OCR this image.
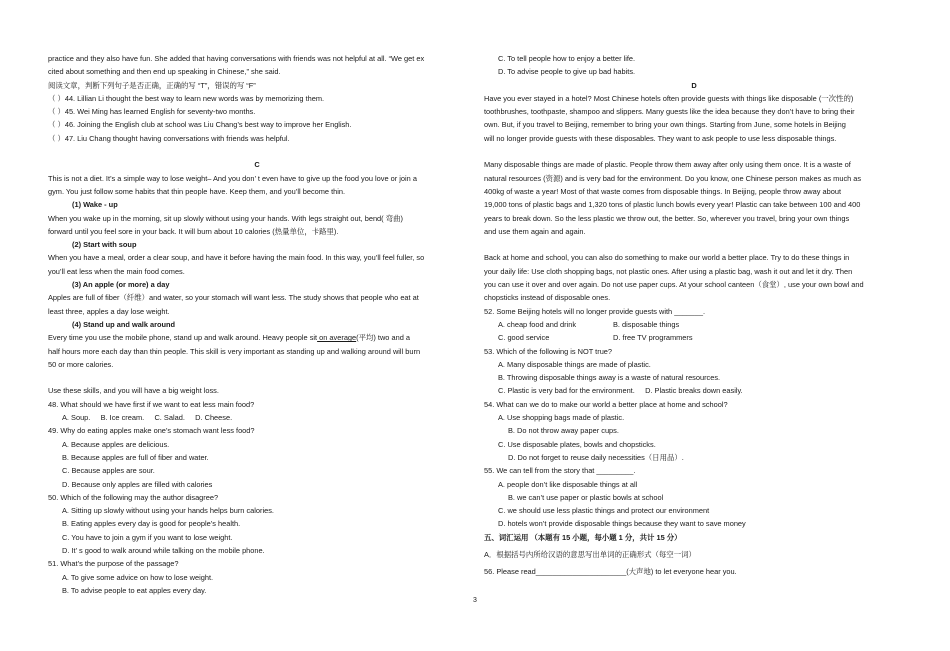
practice and they also have fun. She added that having conversations with friends was not helpful at all. “We get ex

cited about something and then end up speaking in Chinese,” she said.

阅读文章，判断下列句子是否正确，正确的写 “T”，错误的写 “F”

（ ）44. Lillian Li thought the best way to learn new words was by memorizing them.

（ ）45. Wei Ming has learned English for seventy-two months.

（ ）46. Joining the English club at school was Liu Chang’s best way to improve her English.

（ ）47. Liu Chang thought having conversations with friends was helpful.

C

This is not a diet. It’s a simple way to lose weight– And you don’ t even have to give up the food you love or join a

gym. You just follow some habits that thin people have. Keep them, and you’ll become thin.

(1) Wake - up

When you wake up in the morning, sit up slowly without using your hands. With legs straight out, bend( 弯曲)

forward until you feel sore in your back. It will burn about 10 calories (热量单位，卡路里).

(2) Start with soup

When you have a meal, order a clear soup, and have it before having the main food. In this way, you’ll feel fuller, so

you’ll eat less when the main food comes.

(3) An apple (or more) a day

Apples are full of fiber（纤维）and water, so your stomach will want less. The study shows that people who eat at

least three, apples a day lose weight.

(4) Stand up and walk around

Every time you use the mobile phone, stand up and walk around. Heavy people sit on average(平均) two and a

half hours more each day than thin people. This skill is very important as standing up and walking around will burn

50 or more calories.

Use these skills, and you will have a big weight loss.

48. What should we have first if we want to eat less main food?

A. Soup. B. Ice cream. C. Salad. D. Cheese.

49. Why do eating apples make one’s stomach want less food?

A. Because apples are delicious.

B. Because apples are full of fiber and water.

C. Because apples are sour.

D. Because only apples are filled with calories

50. Which of the following may the author disagree?

A. Sitting up slowly without using your hands helps burn calories.

B. Eating apples every day is good for people’s health.

C. You have to join a gym if you want to lose weight.

D. It’ s good to walk around while talking on the mobile phone.

51. What’s the purpose of the passage?

A. To give some advice on how to lose weight.

B. To advise people to eat apples every day.

C. To tell people how to enjoy a better life.

D. To advise people to give up bad habits.

D

Have you ever stayed in a hotel? Most Chinese hotels often provide guests with things like disposable (一次性的)

toothbrushes, toothpaste, shampoo and slippers. Many guests like the idea because they don’t have to bring their

own. But, if you travel to Beijing, remember to bring your own things. Starting from June, some hotels in Beijing

will no longer provide guests with these disposables. They want to ask people to use less disposable things.

Many disposable things are made of plastic. People throw them away after only using them once. It is a waste of

natural resources (资源) and is very bad for the environment. Do you know, one Chinese person makes as much as

400kg of waste a year! Most of that waste comes from disposable things. In Beijing, people throw away about

19,000 tons of plastic bags and 1,320 tons of plastic lunch bowls every year! Plastic can take between 100 and 400

years to break down. So the less plastic we throw out, the better. So, wherever you travel, bring your own things

and use them again and again.

Back at home and school, you can also do something to make our world a better place. Try to do these things in

your daily life: Use cloth shopping bags, not plastic ones. After using a plastic bag, wash it out and let it dry. Then

you can use it over and over again. Do not use paper cups. At your school canteen（食堂）, use your own bowl and

chopsticks instead of disposable ones.

52. Some Beijing hotels will no longer provide guests with _______.

A. cheap food and drink	B. disposable things

C. good service	D. free TV programmers

53. Which of the following is NOT true?

A. Many disposable things are made of plastic.

B. Throwing disposable things away is a waste of natural resources.

C. Plastic is very bad for the environment. D. Plastic breaks down easily.

54. What can we do to make our world a better place at home and school?

A. Use shopping bags made of plastic.

B. Do not throw away paper cups.

C. Use disposable plates, bowls and chopsticks.

D. Do not forget to reuse daily necessities（日用品）.

55. We can tell from the story that _________.

A. people don’t like disposable things at all

B. we can’t use paper or plastic bowls at school

C. we should use less plastic things and protect our environment

D. hotels won’t provide disposable things because they want to save money

五、词汇运用 （本题有 15 小题，每小题 1 分，共计 15 分）

A．根据括号内所给汉语的意思写出单词的正确形式（每空一词）

56. Please read______________________(大声地) to let everyone hear you.

3
